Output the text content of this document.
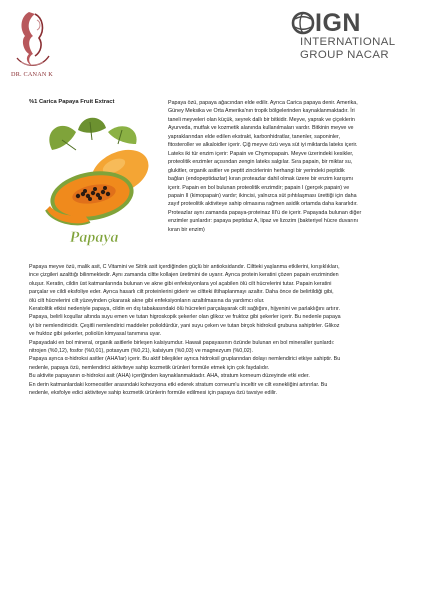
DR. CANAN K
IGN
INTERNATIONAL
GROUP NACAR
%1 Carica Papaya Fruit Extract
Papaya
Papaya özü, papaya ağacından elde edilir. Ayrıca Carica papaya denir. Amerika,
Güney Meksika ve Orta Amerika'nın tropik bölgelerinden kaynaklanmaktadır. İri
taneli meyveleri olan küçük, seyrek dallı bir bitkidir. Meyve, yaprak ve çiçeklerin
Ayurveda, mutfak ve kozmetik alanında kullanılmaları vardır. Bitkinin meyve ve
yapraklarından elde edilen ekstrakt, karbonhidratlar, tanenler, saponinler,
fitosteroller ve alkaloidler içerir. Çiğ meyve özü veya süt iyi miktarda lateks içerir.
Lateks iki tür enzim içerir: Papain ve Chymopapain. Meyve üzerindeki kesikler,
proteolitik enzimler açısından zengin lateks salgılar. Sıra papain, bir miktar su,
glukitler, organik asitler ve peptit zincirlerinin herhangi bir yerindeki peptidik
bağları (endopeptidazlar) kıran proteazlar dahil olmak üzere bir enzim karışımı
içerir. Papain en bol bulunan proteolitik enzimdir; papain I (gerçek papain) ve
papain II (kimopapain) vardır; ikincisi, yalnızca süt pıhtılaşması ürettiği için daha
zayıf proteolitik aktiviteye sahip olmasına rağmen asidik ortamda daha kararlıdır.
Proteazlar aynı zamanda papaya-proteinaz III'ü de içerir. Papayada bulunan diğer
enzimler şunlardır: papaya peptidaz A, lipaz ve lizozim (bakteriyel hücre duvarını
kıran bir enzim)
Papaya meyve özü, malik asit, C Vitamini ve Sitrik asit içerdiğinden güçlü bir antioksidandır. Ciltteki yaşlanma etkilerini, kırışıklıkları,
ince çizgileri azalttığı bilinmektedir. Aynı zamanda ciltte kollajen üretimini de uyarır. Ayrıca protein keratini çözen papain enziminden
oluşur. Keratin, cildin üst katmanlarında bulunan ve akne gibi enfeksiyonlara yol açabilen ölü cilt hücrelerini tutar. Papain keratini
parçalar ve cildi eksfoliye eder. Ayrıca hasarlı cilt proteinlerini giderir ve ciltteki iltihaplanmayı azaltır. Daha önce de belirtildiği gibi,
ölü cilt hücrelerini cilt yüzeyinden çıkararak akne gibi enfeksiyonların azaltılmasına da yardımcı olur.
Keratolitik etkisi nedeniyle papaya, cildin en dış tabakasındaki ölü hücreleri parçalayarak cilt sağlığını, hijyenini ve parlaklığını artırır.
Papaya, belirli koşullar altında suyu emen ve tutan higroskopik şekerler olan glikoz ve fruktoz gibi şekerler içerir. Bu nedenle papaya
iyi bir nemlendiricidir. Çeşitli nemlendirici maddeler polioldürdür, yani suyu çeken ve tutan birçok hidroksil grubuna sahiptirler. Glikoz
ve fruktoz gibi şekerler, poliolün kimyasal tanımına uyar.
Papayadaki en bol mineral, organik asitlerle birleşen kalsiyumdur. Hawaii papayasının özünde bulunan en bol mineraller şunlardı:
nitrojen (%0,12), fosfor (%0,01), potasyum (%0,21), kalsiyum (%0,03) ve magnezyum (%0,02).
Papaya ayrıca α-hidroksi asitler (AHA'lar) içerir. Bu aktif bileşikler ayrıca hidroksil gruplarından dolayı nemlendirici etkiye sahiptir. Bu
nedenle, papaya özü, nemlendirici aktiviteye sahip kozmetik ürünleri formüle etmek için çok faydalıdır.
Bu aktivite papayanın α-hidroksi asit (AHA) içeriğinden kaynaklanmaktadır. AHA, stratum korneum düzeyinde etki eder.
En derin katmanlardaki korneositler arasındaki kohezyona etki ederek stratum corneum'u inceltir ve cilt esnekliğini artırırlar. Bu
nedenle, eksfolye edici aktiviteye sahip kozmetik ürünlerin formüle edilmesi için papaya özü tavsiye edilir.
